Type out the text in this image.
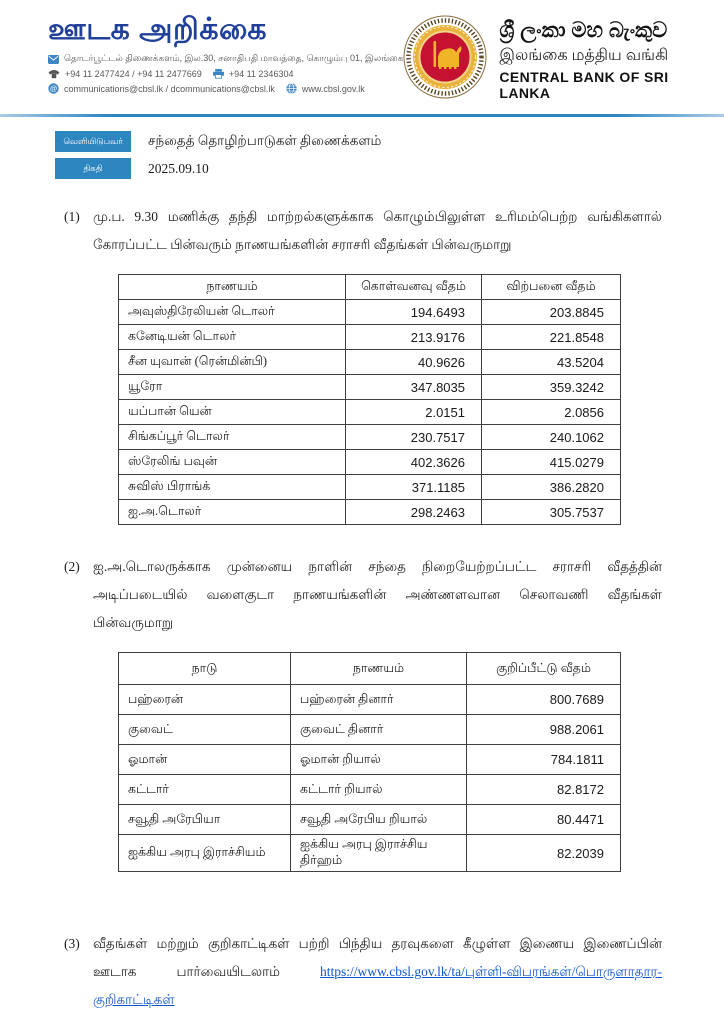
ஊடக அறிக்கை
தொடர்பூட்டல் திணைக்களம், இல.30, சனாதிபதி மாவத்தை, கொழும்பு 01, இலங்கை
+94 11 2477424 / +94 11 2477669	+94 11 2346304
@ communications@cbsl.lk / dcommunications@cbsl.lk	www.cbsl.gov.lk
ශ්‍රී ලංකා මහ බැංකුව
இலங்கை மத்திய வங்கி
CENTRAL BANK OF SRI LANKA
வெளியிடுபவர்	சந்தைத் தொழிற்பாடுகள் திணைக்களம்
திகதி	2025.09.10
(1) மு.ப. 9.30 மணிக்கு தந்தி மாற்றல்களுக்காக கொழும்பிலுள்ள உரிமம்பெற்ற வங்கிகளால் கோரப்பட்ட பின்வரும் நாணயங்களின் சராசரி வீதங்கள் பின்வருமாறு
நாணயம்	கொள்வனவு வீதம்	விற்பனை வீதம்
அவுஸ்திரேலியன் டொலர்	194.6493	203.8845
கனேடியன் டொலர்	213.9176	221.8548
சீன யுவான் (ரென்மின்பி)	40.9626	43.5204
யூரோ	347.8035	359.3242
யப்பான் யென்	2.0151	2.0856
சிங்கப்பூர் டொலர்	230.7517	240.1062
ஸ்ரேலிங் பவுன்	402.3626	415.0279
சுவிஸ் பிராங்க்	371.1185	386.2820
ஐ.அ.டொலர்	298.2463	305.7537
(2) ஐ.அ.டொலருக்காக முன்னைய நாளின் சந்தை நிறையேற்றப்பட்ட சராசரி வீதத்தின் அடிப்படையில் வளைகுடா நாணயங்களின் அண்ணளவான செலாவணி வீதங்கள் பின்வருமாறு
நாடு	நாணயம்	குறிப்பீட்டு வீதம்
பஹ்ரைன்	பஹ்ரைன் தினார்	800.7689
குவைட்	குவைட் தினார்	988.2061
ஓமான்	ஓமான் றியால்	784.1811
கட்டார்	கட்டார் றியால்	82.8172
சவூதி அரேபியா	சவூதி அரேபிய றியால்	80.4471
ஐக்கிய அரபு இராச்சியம்	ஐக்கிய அரபு இராச்சிய திர்ஹம்	82.2039
(3) வீதங்கள் மற்றும் குறிகாட்டிகள் பற்றி பிந்திய தரவுகளை கீழுள்ள இணைய இணைப்பின் ஊடாக பார்வையிடலாம்	https://www.cbsl.gov.lk/ta/புள்ளி-விபரங்கள்/பொருளாதார-குறிகாட்டிகள்
